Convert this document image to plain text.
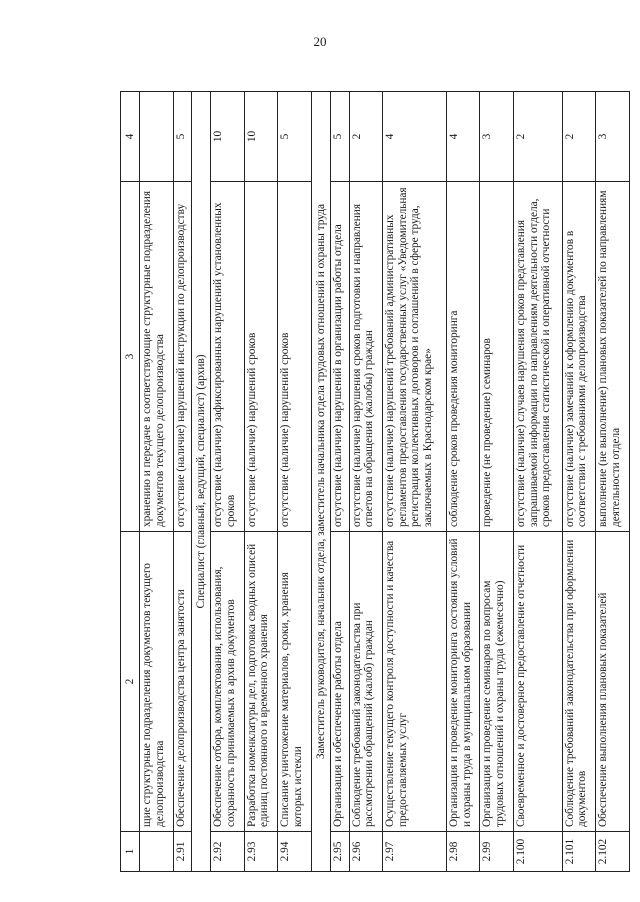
20
1	2	3	4
	щие структурные подразделения документов текущего делопроизводства	хранению и передаче в соответствующие структурные подразделения документов текущего делопроизводства	
2.91	Обеспечение делопроизводства центра занятости	отсутствие (наличие) нарушений инструкции по делопроизводству	5
Специалист (главный, ведущий, специалист) (архив)			
2.92	Обеспечение отбора, комплектования, использования, сохранность принимаемых в архив документов	отсутствие (наличие) зафиксированных нарушений установленных сроков	10
2.93	Разработка номенклатуры дел, подготовка сводных описей единиц постоянного и временного хранения	отсутствие (наличие) нарушений сроков	10
2.94	Списание уничтожение материалов, сроки, хранения которых истекли	отсутствие (наличие) нарушений сроков	5
Заместитель руководителя, начальник отдела, заместитель начальника отдела трудовых отношений и охраны труда			
2.95	Организация и обеспечение работы отдела	отсутствие (наличие) нарушений в организации работы отдела	5
2.96	Соблюдение требований законодательства при рассмотрении обращений (жалоб) граждан	отсутствие (наличие) нарушения сроков подготовки и направления ответов на обращения (жалобы) граждан	2
2.97	Осуществление текущего контроля доступности и качества предоставляемых услуг	отсутствие (наличие) нарушений требований административных регламентов предоставления государственных услуг «Уведомительная регистрация коллективных договоров и соглашений в сфере труда, заключаемых в Краснодарском крае»	4
2.98	Организация и проведение мониторинга состояния условий и охраны труда в муниципальном образовании	соблюдение сроков проведения мониторинга	4
2.99	Организация и проведение семинаров по вопросам трудовых отношений и охраны труда (ежемесячно)	проведение (не проведение) семинаров	3
2.100	Своевременное и достоверное предоставление отчетности	отсутствие (наличие) случаев нарушения сроков представления запрашиваемой информации по направлениям деятельности отдела, сроков предоставления статистической и оперативной отчетности	2
2.101	Соблюдение требований законодательства при оформлении документов	отсутствие (наличие) замечаний к оформлению документов в соответствии с требованиями делопроизводства	2
2.102	Обеспечение выполнения плановых показателей	выполнение (не выполнение) плановых показателей по направлениям деятельности отдела	3
